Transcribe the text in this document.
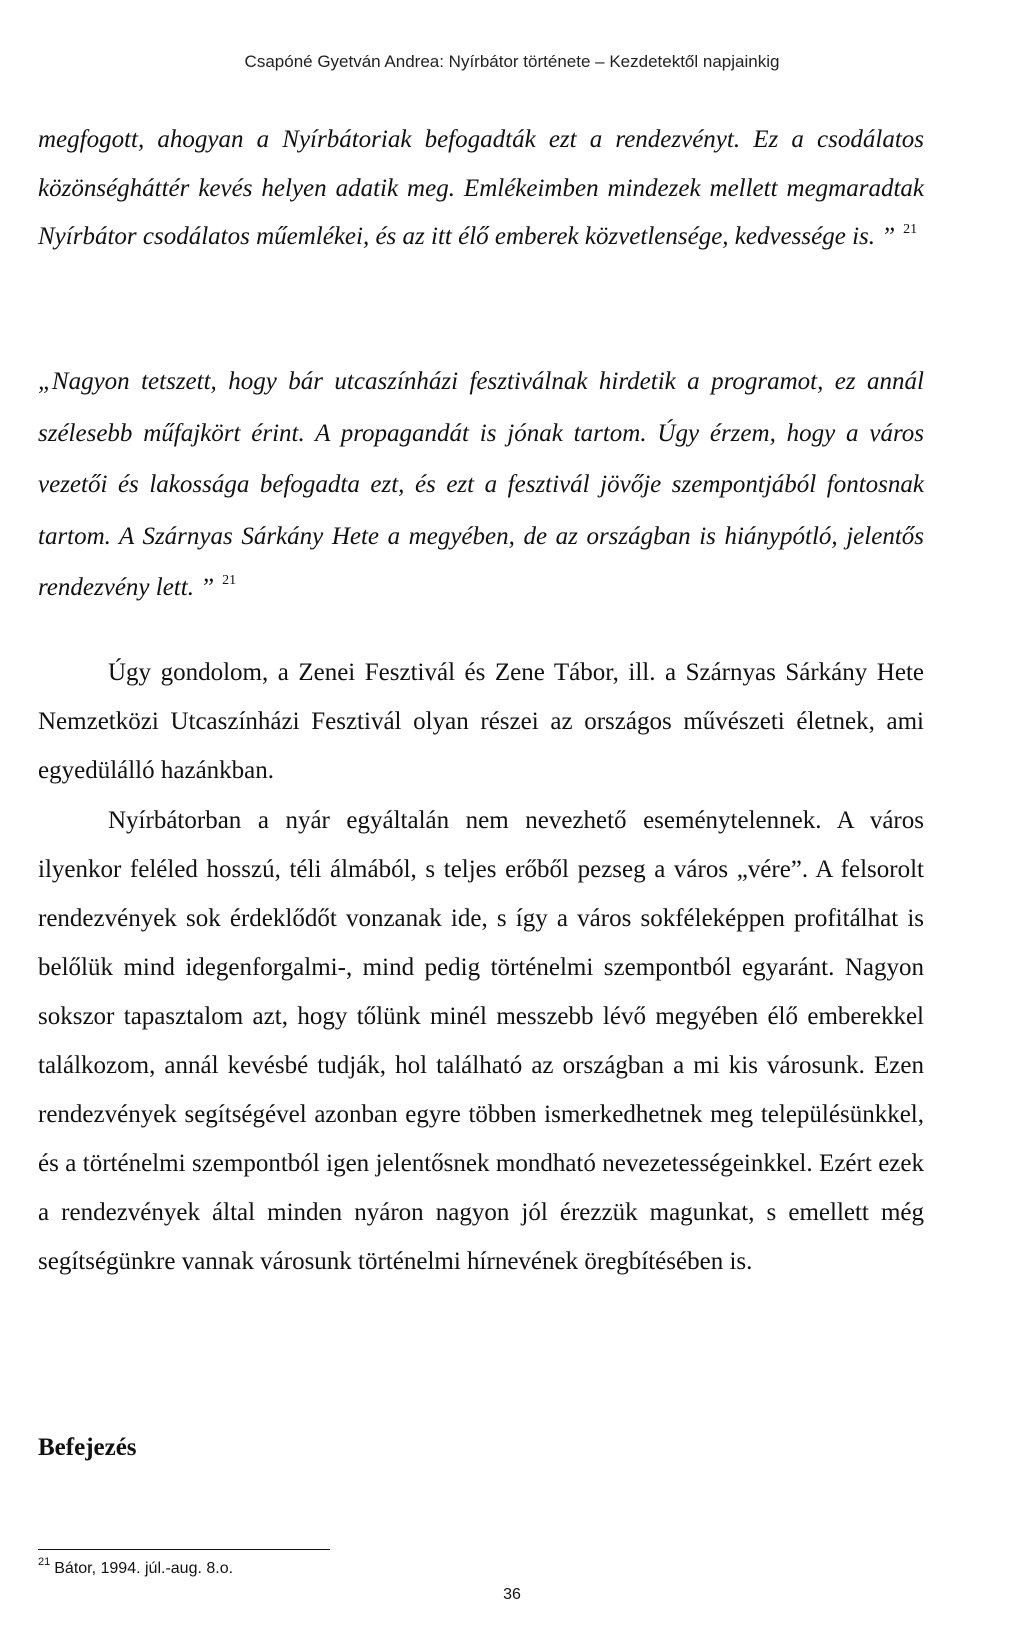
Csapóné Gyetván Andrea: Nyírbátor története – Kezdetektől napjainkig

megfogott, ahogyan a Nyírbátoriak befogadták ezt a rendezvényt. Ez a csodálatos közönségháttér kevés helyen adatik meg. Emlékeimben mindezek mellett megmaradtak Nyírbátor csodálatos műemlékei, és az itt élő emberek közvetlensége, kedvessége is. ” $^{21}$

„Nagyon tetszett, hogy bár utcaszínházi fesztiválnak hirdetik a programot, ez annál szélesebb műfajkört érint. A propagandát is jónak tartom. Úgy érzem, hogy a város vezetői és lakossága befogadta ezt, és ezt a fesztivál jövője szempontjából fontosnak tartom. A Szárnyas Sárkány Hete a megyében, de az országban is hiánypótló, jelentős rendezvény lett. ” $^{21}$

Úgy gondolom, a Zenei Fesztivál és Zene Tábor, ill. a Szárnyas Sárkány Hete Nemzetközi Utcaszínházi Fesztivál olyan részei az országos művészeti életnek, ami egyedülálló hazánkban.

Nyírbátorban a nyár egyáltalán nem nevezhető eseménytelennek. A város ilyenkor feléled hosszú, téli álmából, s teljes erőből pezseg a város „vére”. A felsorolt rendezvények sok érdeklődőt vonzanak ide, s így a város sokféleképpen profitálhat is belőlük mind idegenforgalmi-, mind pedig történelmi szempontból egyaránt. Nagyon sokszor tapasztalom azt, hogy tőlünk minél messzebb lévő megyében élő emberekkel találkozom, annál kevésbé tudják, hol található az országban a mi kis városunk. Ezen rendezvények segítségével azonban egyre többen ismerkedhetnek meg településünkkel, és a történelmi szempontból igen jelentősnek mondható nevezetességeinkkel. Ezért ezek a rendezvények által minden nyáron nagyon jól érezzük magunkat, s emellett még segítségünkre vannak városunk történelmi hírnevének öregbítésében is.

Befejezés
$^{21}$ Bátor, 1994. júl.-aug. 8.o.
36
